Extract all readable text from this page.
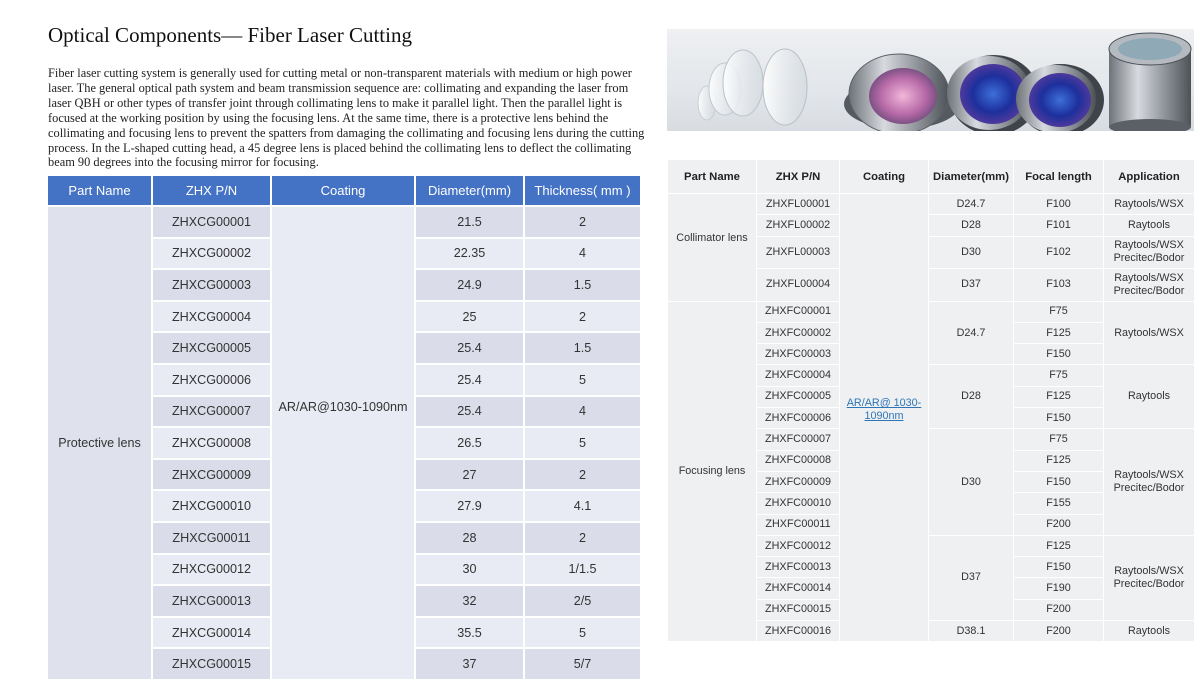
Optical Components— Fiber Laser Cutting
Fiber laser cutting system is generally used for cutting metal or non-transparent materials with medium or high power laser. The general optical path system and beam transmission sequence are: collimating and expanding the laser from laser QBH or other types of transfer joint through collimating lens to make it parallel light. Then the parallel light is focused at the working position by using the focusing lens. At the same time, there is a protective lens behind the collimating and focusing lens to prevent the spatters from damaging the collimating and focusing lens during the cutting process. In the L-shaped cutting head, a 45 degree lens is placed behind the collimating lens to deflect the collimating beam 90 degrees into the focusing mirror for focusing.
Part Name	ZHX P/N	Coating	Diameter(mm)	Thickness( mm )
Protective lens	ZHXCG00001	AR/AR@1030-1090nm	21.5	2
	ZHXCG00002		22.35	4
	ZHXCG00003		24.9	1.5
	ZHXCG00004		25	2
	ZHXCG00005		25.4	1.5
	ZHXCG00006		25.4	5
	ZHXCG00007		25.4	4
	ZHXCG00008		26.5	5
	ZHXCG00009		27	2
	ZHXCG00010		27.9	4.1
	ZHXCG00011		28	2
	ZHXCG00012		30	1/1.5
	ZHXCG00013		32	2/5
	ZHXCG00014		35.5	5
	ZHXCG00015		37	5/7
Part Name	ZHX P/N	Coating	Diameter(mm)	Focal length	Application
Collimator lens	ZHXFL00001	AR/AR@ 1030-1090nm	D24.7	F100	Raytools/WSX
	ZHXFL00002		D28	F101	Raytools
	ZHXFL00003		D30	F102	Raytools/WSX Precitec/Bodor
	ZHXFL00004		D37	F103	Raytools/WSX Precitec/Bodor
Focusing lens	ZHXFC00001		D24.7	F75	Raytools/WSX
	ZHXFC00002			F125	
	ZHXFC00003			F150	
	ZHXFC00004		D28	F75	Raytools
	ZHXFC00005			F125	
	ZHXFC00006			F150	
	ZHXFC00007		D30	F75	Raytools/WSX Precitec/Bodor
	ZHXFC00008			F125	
	ZHXFC00009			F150	
	ZHXFC00010			F155	
	ZHXFC00011			F200	
	ZHXFC00012		D37	F125	Raytools/WSX Precitec/Bodor
	ZHXFC00013			F150	
	ZHXFC00014			F190	
	ZHXFC00015			F200	
	ZHXFC00016		D38.1	F200	Raytools
